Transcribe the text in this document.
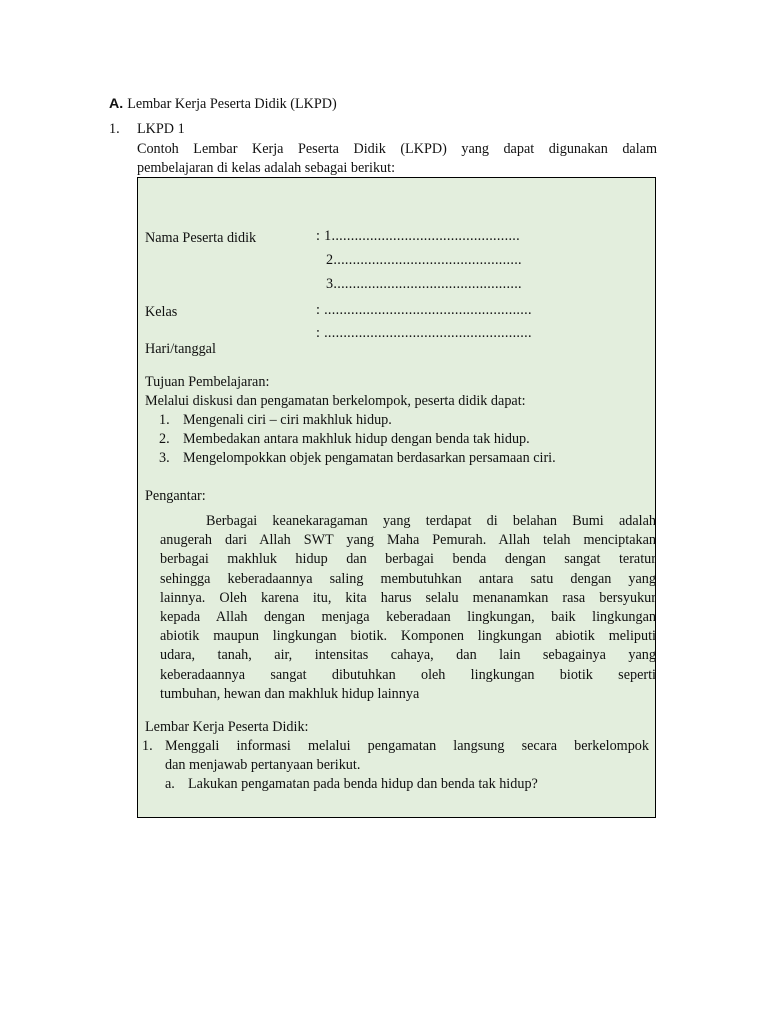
A. Lembar Kerja Peserta Didik (LKPD)
1. LKPD 1
Contoh Lembar Kerja Peserta Didik (LKPD) yang dapat digunakan dalam
pembelajaran di kelas adalah sebagai berikut:
Nama Peserta didik	: 1.................................................
2.................................................
3.................................................
Kelas	: ......................................................
: ......................................................
Hari/tanggal
Tujuan Pembelajaran:
Melalui diskusi dan pengamatan berkelompok, peserta didik dapat:
1. Mengenali ciri – ciri makhluk hidup.
2. Membedakan antara makhluk hidup dengan benda tak hidup.
3. Mengelompokkan objek pengamatan berdasarkan persamaan ciri.
Pengantar:
Berbagai keanekaragaman yang terdapat di belahan Bumi adalah
anugerah dari Allah SWT yang Maha Pemurah. Allah telah menciptakan
berbagai makhluk hidup dan berbagai benda dengan sangat teratur
sehingga keberadaannya saling membutuhkan antara satu dengan yang
lainnya. Oleh karena itu, kita harus selalu menanamkan rasa bersyukur
kepada Allah dengan menjaga keberadaan lingkungan, baik lingkungan
abiotik maupun lingkungan biotik. Komponen lingkungan abiotik meliputi
udara, tanah, air, intensitas cahaya, dan lain sebagainya yang
keberadaannya sangat dibutuhkan oleh lingkungan biotik seperti
tumbuhan, hewan dan makhluk hidup lainnya
Lembar Kerja Peserta Didik:
1. Menggali informasi melalui pengamatan langsung secara berkelompok
dan menjawab pertanyaan berikut.
a. Lakukan pengamatan pada benda hidup dan benda tak hidup?
